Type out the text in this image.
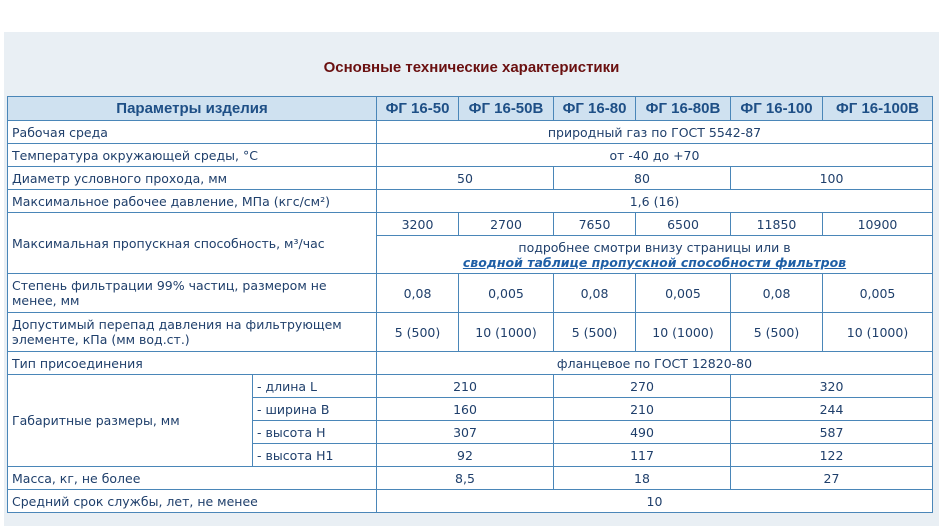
Основные технические характеристики
Параметры изделия		ФГ 16-50	ФГ 16-50В	ФГ 16-80	ФГ 16-80В	ФГ 16-100	ФГ 16-100В
Рабочая среда		природный газ по ГОСТ 5542-87					
Температура окружающей среды, °С		от -40 до +70					
Диаметр условного прохода, мм		50		80		100	
Максимальное рабочее давление, МПа (кгс/см²)		1,6 (16)					
Максимальная пропускная способность, м³/час		3200	2700	7650	6500	11850	10900
		подробнее смотри внизу страницы или в
сводной таблице пропускной способности фильтров					
Степень фильтрации 99% частиц, размером не менее, мм		0,08	0,005	0,08	0,005	0,08	0,005
Допустимый перепад давления на фильтрующем элементе, кПа (мм вод.ст.)		5 (500)	10 (1000)	5 (500)	10 (1000)	5 (500)	10 (1000)
Тип присоединения		фланцевое по ГОСТ 12820-80					
Габаритные размеры, мм	- длина L	210		270		320	
	- ширина В	160		210		244	
	- высота Н	307		490		587	
	- высота Н1	92		117		122	
Масса, кг, не более		8,5		18		27	
Средний срок службы, лет, не менее		10					
